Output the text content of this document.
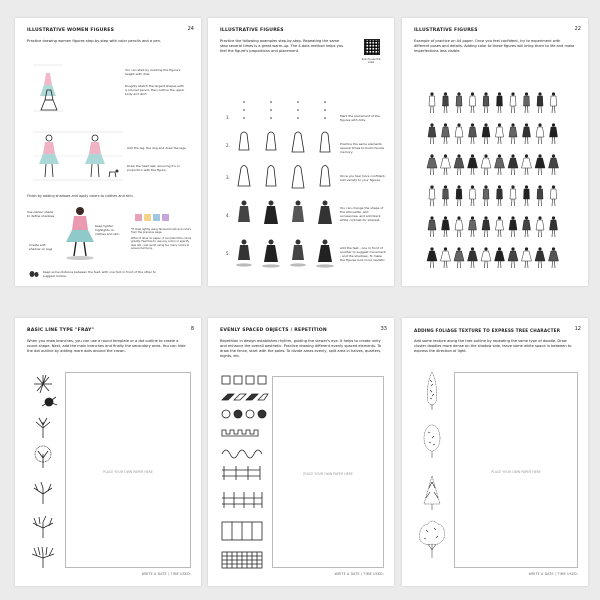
24
ILLUSTRATIVE WOMEN FIGURES
Practice drawing women figures step-by-step with color pencils and a pen.
You can start by marking the figure's height with dots.
Roughly sketch the largest shapes with a colored pencil, then outline the upper body and skirt.
Add the leg, the dog and draw the legs.
Draw the head last, ensuring it's in proportion with the figure.
Finish by adding shadows and apply colors to clothes and skin.
Use darker shade to define shadows
Keep lighter highlights on clothes and skin
Create soft shadow on legs
*If drew lightly using favored brush and colors from the previous page.
When it dries on paper, it can blend the colors greatly. Feel free to use any colors or specify less dot - just avoid using too many colors to ensure harmony.
Keep some distance between the feet, with one foot in front of the other to suggest motion.
ILLUSTRATIVE FIGURES
Practice the following examples step-by-step. Repeating the same step several times is a great warm-up. The 4-dots method helps you feel the figure's proportions and placement.
Scan to see the video
1.
2.
3.
4.
5.
Mark the placement of the figures with dots.
Practice the same elements several times to build muscle memory.
Once you feel more confident, add variety to your figures.
You can change the shape of the silhouette, add accessories, and add black white contrast for interest.
Add the feet - one in front of another to suggest movement - and the shadows. To make the figures look more realistic.
22
ILLUSTRATIVE FIGURES
Example of practice on A4 paper. Once you feel confident, try to experiment with different poses and details. Adding color to these figures will bring them to life and make imperfections less visible.
8
BASIC LINE TYPE "FRAY"
When you draw branches, you can use a round template or a dot outline to create a round shape. Next, add the main branches and finally the secondary ones. You can hide the dot outline by adding more dots around the crown.
PLACE YOUR OWN PAPER HERE
WRITE A DATE / TIME USED:
33
EVENLY SPACED OBJECTS / REPETITION
Repetition in design establishes rhythm, guiding the viewer's eye. It helps to create unity and enhance the overall aesthetic. Practice drawing different evenly spaced elements. To draw the fence, start with the poles. To divide areas evenly, split area in halves, quarters, eights, etc.
PLACE YOUR OWN PAPER HERE
WRITE A DATE / TIME USED:
12
ADDING FOLIAGE TEXTURE TO EXPRESS TREE CHARACTER
Add some texture along the tree outline by repeating the same type of doodle. Draw cluster doodles more dense on the shadow side, leave some white space in between to express the direction of light.
PLACE YOUR OWN PAPER HERE
WRITE A DATE / TIME USED:
